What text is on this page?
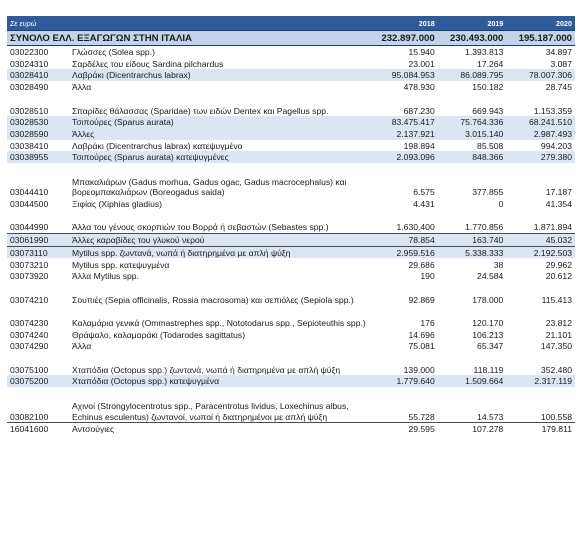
Σε ευρώ		2018	2019	2020
ΣΥΝΟΛΟ ΕΛΛ. ΕΞΑΓΩΓΩΝ ΣΤΗΝ ΙΤΑΛΙΑ		232.897.000	230.493.000	195.187.000
03022300	Γλώσσες (Solea spp.)	15.940	1.393.813	34.897
03024310	Σαρδέλες του είδους Sardina pilchardus	23.001	17.264	3.087
03028410	Λαβράκι (Dicentrarchus labrax)	95.084.953	86.089.795	78.007.306
03028490	Άλλα	478.930	150.182	28.745
03028510	Σπαρίδες θάλασσας (Sparidae) των ειδών Dentex και Pagellus spp.	687.230	669.943	1.153.359
03028530	Τσιπούρες (Sparus aurata)	83.475.417	75.764.336	68.241.510
03028590	Άλλες	2.137.921	3.015.140	2.987.493
03038410	Λαβράκι (Dicentrarchus labrax) κατεψυγμένο	198.894	85.508	994.203
03038955	Τσιπούρες (Sparus aurata) κατεψυγμένες	2.093.096	848.366	279.380
03044410	Μπακαλιάρων (Gadus morhua, Gadus ogac, Gadus macrocephalus) και βορεομπακαλιάρων (Boreogadus saida)	6.575	377.855	17.187
03044500	Ξιφίας (Xiphias gladius)	4.431	0	41.354
03044990	Άλλα του γένους σκορπιών του Βορρά ή σεβαστών (Sebastes spp.)	1.630.400	1.770.856	1.871.894
03061990	Άλλες καραβίδες του γλυκού νερού	78.854	163.740	45.032
03073110	Mytilus spp. ζωντανά, νωπά ή διατηρημένα με απλή ψύξη	2.959.516	5.338.333	2.192.503
03073210	Mytilus spp. κατεψυγμένα	29.686	38	29.962
03073920	Άλλα Mytilus spp.	190	24.584	20.612
03074210	Σουπιές (Sepia officinalis, Rossia macrosoma) και σεπιόλες (Sepiola spp.)	92.869	178.000	115.413
03074230	Καλαμάρια γενικά (Ommastrephes spp., Nototodarus spp., Sepioteuthis spp.)	176	120.170	23.812
03074240	Θράψαλο, καλαμαράκι (Todarodes sagittatus)	14.696	106.213	21.101
03074290	Άλλα	75.081	65.347	147.350
03075100	Χταπόδια (Octopus spp.) ζωντανά, νωπά ή διατηρημένα με απλή ψύξη	139.000	118.119	352.480
03075200	Χταπόδια (Octopus spp.) κατεψυγμένα	1.779.640	1.509.664	2.317.119
03082100	Αχινοί (Strongylocentrotus spp., Paracentrotus lividus, Loxechinus albus, Echinus esculentus) ζωντανοί, νωποί ή διατηρημένοι με απλή ψύξη	55.728	14.573	100.558
16041600	Αντσούγιες	29.595	107.278	179.811
